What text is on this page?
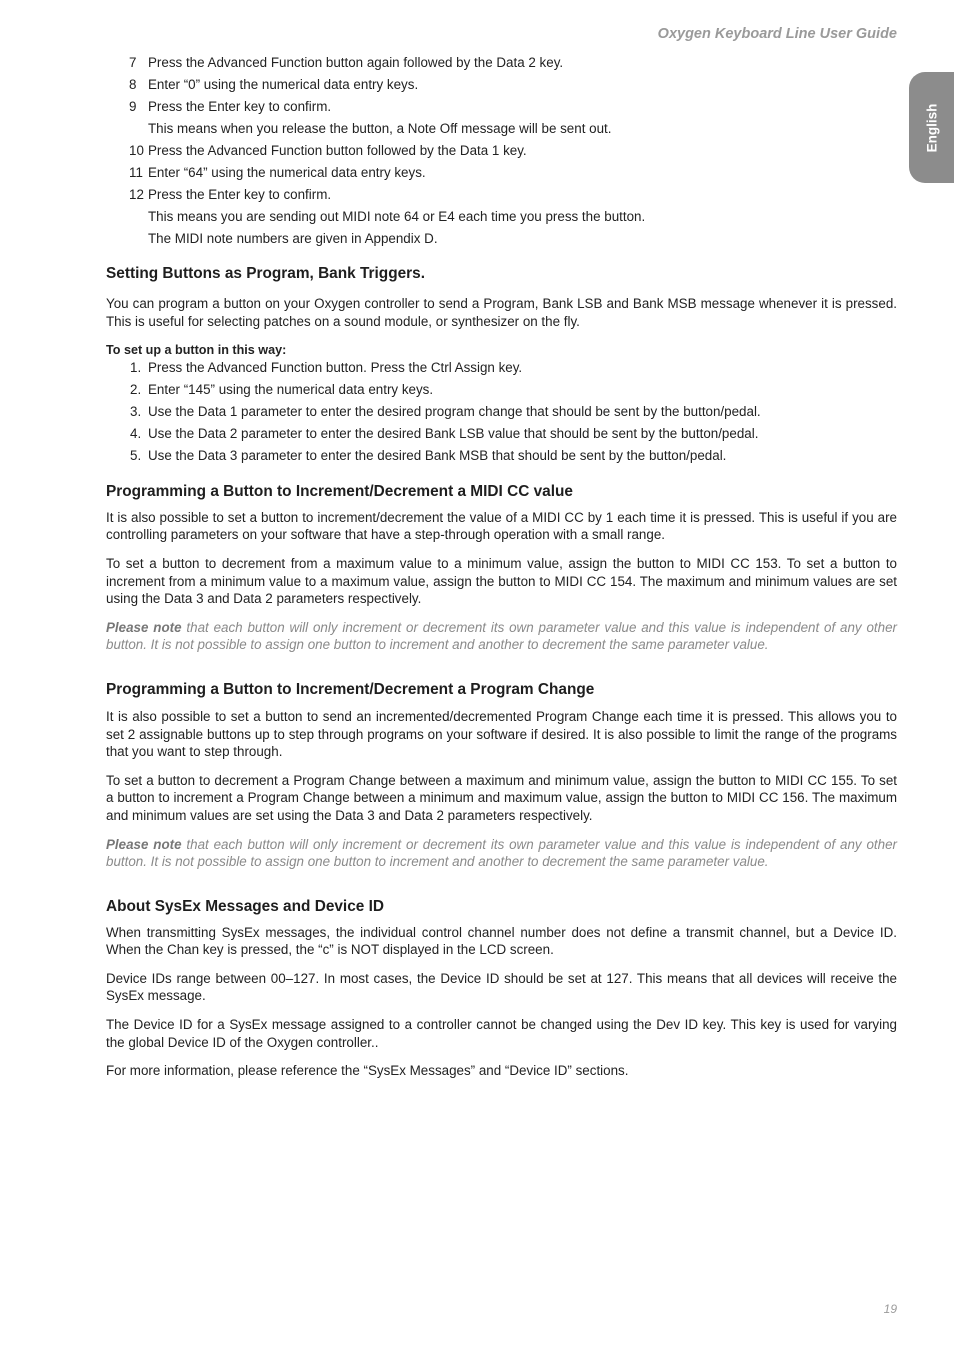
Oxygen Keyboard Line User Guide

English
7 Press the Advanced Function button again followed by the Data 2 key.
8 Enter “0” using the numerical data entry keys.
9 Press the Enter key to confirm.
This means when you release the button, a Note Off message will be sent out.
10 Press the Advanced Function button followed by the Data 1 key.
11 Enter “64” using the numerical data entry keys.
12 Press the Enter key to confirm.
This means you are sending out MIDI note 64 or E4 each time you press the button.
The MIDI note numbers are given in Appendix D.
Setting Buttons as Program, Bank Triggers.

You can program a button on your Oxygen controller to send a Program, Bank LSB and Bank MSB message whenever it is pressed. This is useful for selecting patches on a sound module, or synthesizer on the fly.

To set up a button in this way:

1. Press the Advanced Function button. Press the Ctrl Assign key.
2. Enter “145” using the numerical data entry keys.
3. Use the Data 1 parameter to enter the desired program change that should be sent by the button/pedal.
4. Use the Data 2 parameter to enter the desired Bank LSB value that should be sent by the button/pedal.
5. Use the Data 3 parameter to enter the desired Bank MSB that should be sent by the button/pedal.
Programming a Button to Increment/Decrement a MIDI CC value

It is also possible to set a button to increment/decrement the value of a MIDI CC by 1 each time it is pressed. This is useful if you are controlling parameters on your software that have a step-through operation with a small range.

To set a button to decrement from a maximum value to a minimum value, assign the button to MIDI CC 153. To set a button to increment from a minimum value to a maximum value, assign the button to MIDI CC 154. The maximum and minimum values are set using the Data 3 and Data 2 parameters respectively.

Please note that each button will only increment or decrement its own parameter value and this value is independent of any other button. It is not possible to assign one button to increment and another to decrement the same parameter value.

Programming a Button to Increment/Decrement a Program Change

It is also possible to set a button to send an incremented/decremented Program Change each time it is pressed. This allows you to set 2 assignable buttons up to step through programs on your software if desired. It is also possible to limit the range of the programs that you want to step through.

To set a button to decrement a Program Change between a maximum and minimum value, assign the button to MIDI CC 155. To set a button to increment a Program Change between a minimum and maximum value, assign the button to MIDI CC 156. The maximum and minimum values are set using the Data 3 and Data 2 parameters respectively.

Please note that each button will only increment or decrement its own parameter value and this value is independent of any other button. It is not possible to assign one button to increment and another to decrement the same parameter value.

About SysEx Messages and Device ID

When transmitting SysEx messages, the individual control channel number does not define a transmit channel, but a Device ID. When the Chan key is pressed, the “c” is NOT displayed in the LCD screen.

Device IDs range between 00–127. In most cases, the Device ID should be set at 127. This means that all devices will receive the SysEx message.

The Device ID for a SysEx message assigned to a controller cannot be changed using the Dev ID key. This key is used for varying the global Device ID of the Oxygen controller..

For more information, please reference the “SysEx Messages” and “Device ID” sections.

19
